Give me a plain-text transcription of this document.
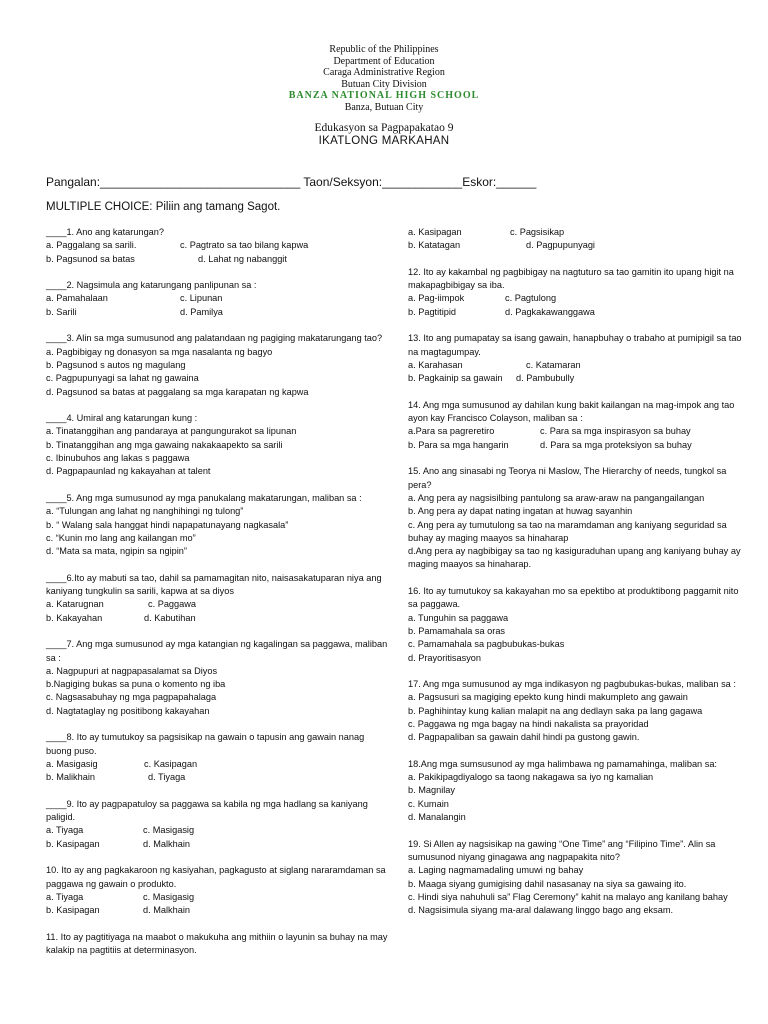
Republic of the Philippines
Department of Education
Caraga Administrative Region
Butuan City Division
BANZA NATIONAL HIGH SCHOOL
Banza, Butuan City
Edukasyon sa Pagpapakatao 9
IKATLONG MARKAHAN
Pangalan:______________________________ Taon/Seksyon:____________Eskor:______
MULTIPLE CHOICE: Piliin ang tamang Sagot.
____1. Ano ang katarungan?
a. Paggalang sa sarili.	c. Pagtrato sa tao bilang kapwa
b. Pagsunod sa batas	d. Lahat ng nabanggit
____2. Nagsimula ang katarungang panlipunan sa :
a. Pamahalaan	c. Lipunan
b. Sarili	d. Pamilya
____3. Alin sa mga sumusunod ang palatandaan ng pagiging makatarungang tao?
a. Pagbibigay ng donasyon sa mga nasalanta ng bagyo
b. Pagsunod s autos ng magulang
c. Pagpupunyagi sa lahat ng gawaina
d. Pagsunod sa batas at paggalang sa mga karapatan ng kapwa
____4. Umiral ang katarungan kung :
a. Tinatanggihan ang pandaraya at pangungurakot sa lipunan
b. Tinatanggihan ang mga gawaing nakakaapekto sa sarili
c. Ibinubuhos ang lakas s paggawa
d. Pagpapaunlad ng kakayahan at talent
____5. Ang mga sumusunod ay mga panukalang makatarungan, maliban sa :
a. “Tulungan ang lahat ng nanghihingi ng tulong”
b. “ Walang sala hanggat hindi napapatunayang nagkasala”
c. “Kunin mo lang ang kailangan mo”
d. “Mata sa mata, ngipin sa ngipin”
____6.Ito ay mabuti sa tao, dahil sa pamamagitan nito, naisasakatuparan niya ang kaniyang tungkulin sa sarili, kapwa at sa diyos
a. Katarugnan	c. Paggawa
b. Kakayahan	d. Kabutihan
____7. Ang mga sumusunod ay mga katangian ng kagalingan sa paggawa, maliban sa :
a. Nagpupuri at nagpapasalamat sa Diyos
b.Nagiging bukas sa puna o komento ng iba
c. Nagsasabuhay ng mga pagpapahalaga
d. Nagtataglay ng positibong kakayahan
____8. Ito ay tumutukoy sa pagsisikap na gawain o tapusin ang gawain nanag buong puso.
a. Masigasig	c. Kasipagan
b. Malikhain	d. Tiyaga
____9. Ito ay pagpapatuloy sa paggawa sa kabila ng mga hadlang sa kaniyang paligid.
a. Tiyaga	c. Masigasig
b. Kasipagan	d. Malkhain
10. Ito ay ang pagkakaroon ng kasiyahan, pagkagusto at siglang nararamdaman sa paggawa ng gawain o produkto.
a. Tiyaga	c. Masigasig
b. Kasipagan	d. Malkhain
11. Ito ay pagtitiyaga na maabot o makukuha ang mithiin o layunin sa buhay na may kalakip na pagtitiis at determinasyon.
a. Kasipagan	c. Pagsisikap
b. Katatagan	d. Pagpupunyagi
12. Ito ay kakambal ng pagbibigay na nagtuturo sa tao gamitin ito upang higit na makapagbibigay sa iba.
a. Pag-iimpok	c. Pagtulong
b. Pagtitipid	d. Pagkakawanggawa
13. Ito ang pumapatay sa isang gawain, hanapbuhay o trabaho at pumipigil sa tao na magtagumpay.
a. Karahasan	c. Katamaran
b. Pagkainip sa gawain	d. Pambubully
14. Ang mga sumusunod ay dahilan kung bakit kailangan na mag-impok ang tao ayon kay Francisco Colayson, maliban sa :
a.Para sa pagreretiro	c. Para sa mga inspirasyon sa buhay
b. Para sa mga hangarin	d. Para sa mga proteksiyon sa buhay
15. Ano ang sinasabi ng Teorya ni Maslow, The Hierarchy of needs, tungkol sa pera?
a. Ang pera ay nagsisilbing pantulong sa araw-araw na pangangailangan
b. Ang pera ay dapat nating ingatan at huwag sayanhin
c. Ang pera ay tumutulong sa tao na maramdaman ang kaniyang seguridad sa buhay ay maging maayos sa hinaharap
d.Ang pera ay nagbibigay sa tao ng kasiguraduhan upang ang kaniyang buhay ay maging maayos sa hinaharap.
16. Ito ay tumutukoy sa kakayahan mo sa epektibo at produktibong paggamit nito sa paggawa.
a. Tunguhin sa paggawa
b. Pamamahala sa oras
c. Pamamahala sa pagbubukas-bukas
d. Prayoritisasyon
17. Ang mga sumusunod ay mga indikasyon ng pagbubukas-bukas, maliban sa :
a. Pagsusuri sa magiging epekto kung hindi makumpleto ang gawain
b. Paghihintay kung kalian malapit na ang dedlayn saka pa lang gagawa
c. Paggawa ng mga bagay na hindi nakalista sa prayoridad
d. Pagpapaliban sa gawain dahil hindi pa gustong gawin.
18.Ang mga sumsusunod ay mga halimbawa ng pamamahinga, maliban sa:
a. Pakikipagdiyalogo sa taong nakagawa sa iyo ng kamalian
b. Magnilay
c. Kumain
d. Manalangin
19. Si Allen ay nagsisikap na gawing “One Time” ang “Filipino Time”. Alin sa sumusunod niyang ginagawa ang nagpapakita nito?
a. Laging nagmamadaling umuwi ng bahay
b. Maaga siyang gumigising dahil nasasanay na siya sa gawaing ito.
c. Hindi siya nahuhuli sa” Flag Ceremony” kahit na malayo ang kanilang bahay
d. Nagsisimula siyang ma-aral dalawang linggo bago ang eksam.
